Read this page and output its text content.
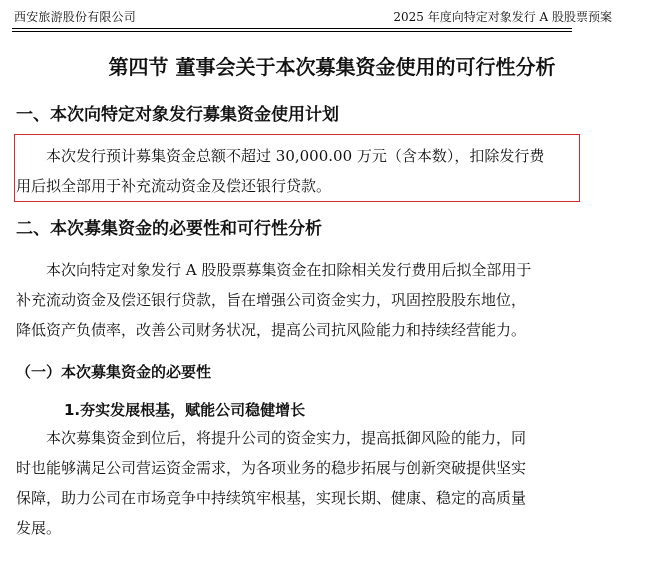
西安旅游股份有限公司	2025 年度向特定对象发行 A 股股票预案
第四节 董事会关于本次募集资金使用的可行性分析
一、本次向特定对象发行募集资金使用计划
本次发行预计募集资金总额不超过 30,000.00 万元（含本数），扣除发行费
用后拟全部用于补充流动资金及偿还银行贷款。
二、本次募集资金的必要性和可行性分析
本次向特定对象发行 A 股股票募集资金在扣除相关发行费用后拟全部用于
补充流动资金及偿还银行贷款，旨在增强公司资金实力，巩固控股股东地位，
降低资产负债率，改善公司财务状况，提高公司抗风险能力和持续经营能力。
（一）本次募集资金的必要性
1.夯实发展根基，赋能公司稳健增长
本次募集资金到位后，将提升公司的资金实力，提高抵御风险的能力，同
时也能够满足公司营运资金需求，为各项业务的稳步拓展与创新突破提供坚实
保障，助力公司在市场竞争中持续筑牢根基，实现长期、健康、稳定的高质量
发展。
